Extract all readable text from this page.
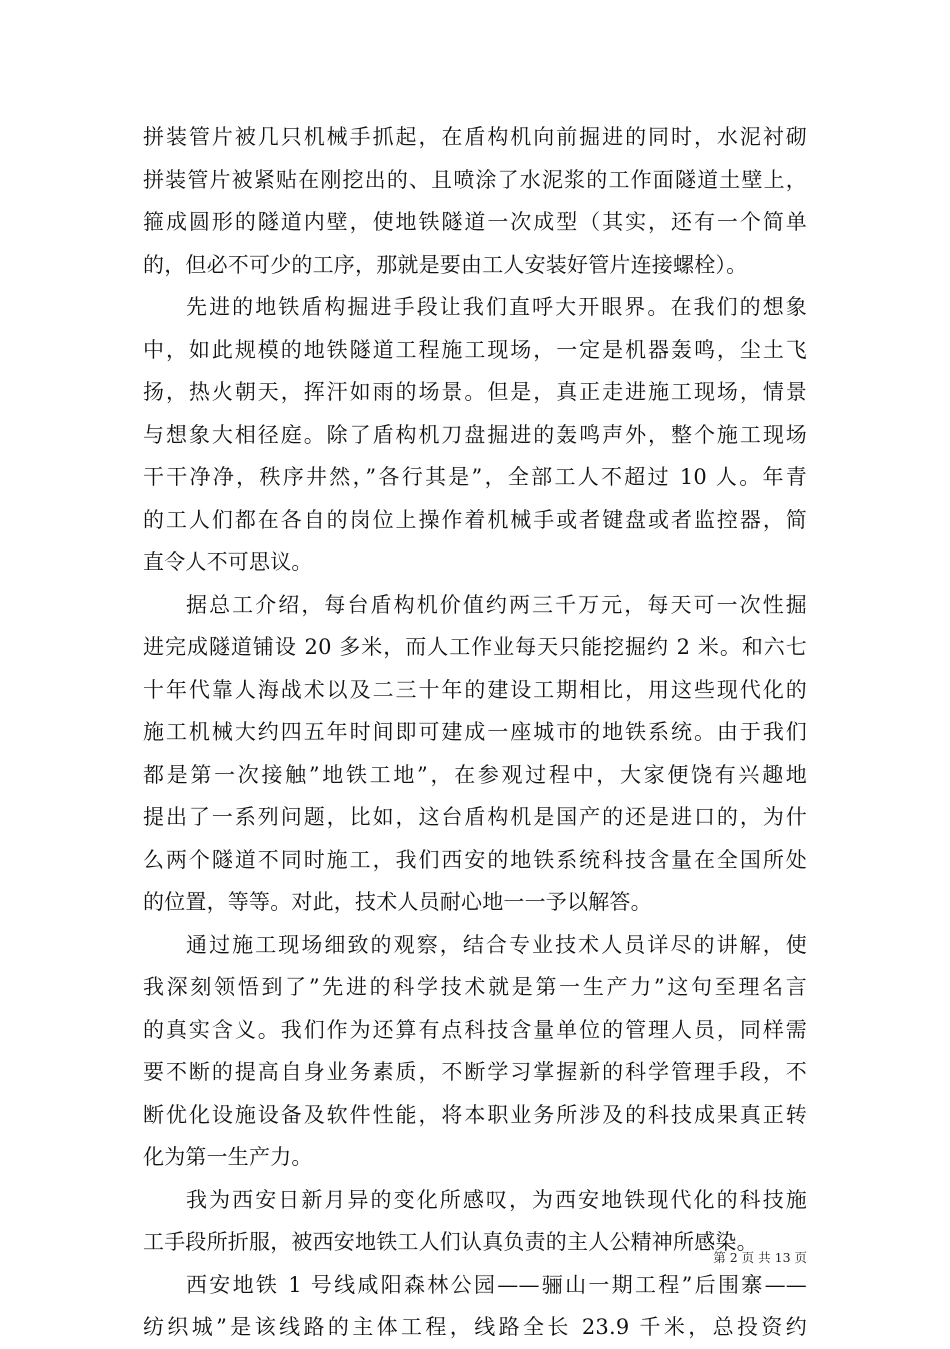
拼装管片被几只机械手抓起，在盾构机向前掘进的同时，水泥衬砌
拼装管片被紧贴在刚挖出的、且喷涂了水泥浆的工作面隧道土壁上，
箍成圆形的隧道内壁，使地铁隧道一次成型（其实，还有一个简单
的，但必不可少的工序，那就是要由工人安装好管片连接螺栓）。
先进的地铁盾构掘进手段让我们直呼大开眼界。在我们的想象
中，如此规模的地铁隧道工程施工现场，一定是机器轰鸣，尘土飞
扬，热火朝天，挥汗如雨的场景。但是，真正走进施工现场，情景
与想象大相径庭。除了盾构机刀盘掘进的轰鸣声外，整个施工现场
干干净净，秩序井然，”各行其是”，全部工人不超过 10 人。年青
的工人们都在各自的岗位上操作着机械手或者键盘或者监控器，简
直令人不可思议。
据总工介绍，每台盾构机价值约两三千万元，每天可一次性掘
进完成隧道铺设 20 多米，而人工作业每天只能挖掘约 2 米。和六七
十年代靠人海战术以及二三十年的建设工期相比，用这些现代化的
施工机械大约四五年时间即可建成一座城市的地铁系统。由于我们
都是第一次接触”地铁工地”，在参观过程中，大家便饶有兴趣地
提出了一系列问题，比如，这台盾构机是国产的还是进口的，为什
么两个隧道不同时施工，我们西安的地铁系统科技含量在全国所处
的位置，等等。对此，技术人员耐心地一一予以解答。
通过施工现场细致的观察，结合专业技术人员详尽的讲解，使
我深刻领悟到了”先进的科学技术就是第一生产力”这句至理名言
的真实含义。我们作为还算有点科技含量单位的管理人员，同样需
要不断的提高自身业务素质，不断学习掌握新的科学管理手段，不
断优化设施设备及软件性能，将本职业务所涉及的科技成果真正转
化为第一生产力。
我为西安日新月异的变化所感叹，为西安地铁现代化的科技施
工手段所折服，被西安地铁工人们认真负责的主人公精神所感染。
西安地铁 1 号线咸阳森林公园——骊山一期工程”后围寨——
纺织城”是该线路的主体工程，线路全长 23.9 千米，总投资约
第 2 页 共 13 页
